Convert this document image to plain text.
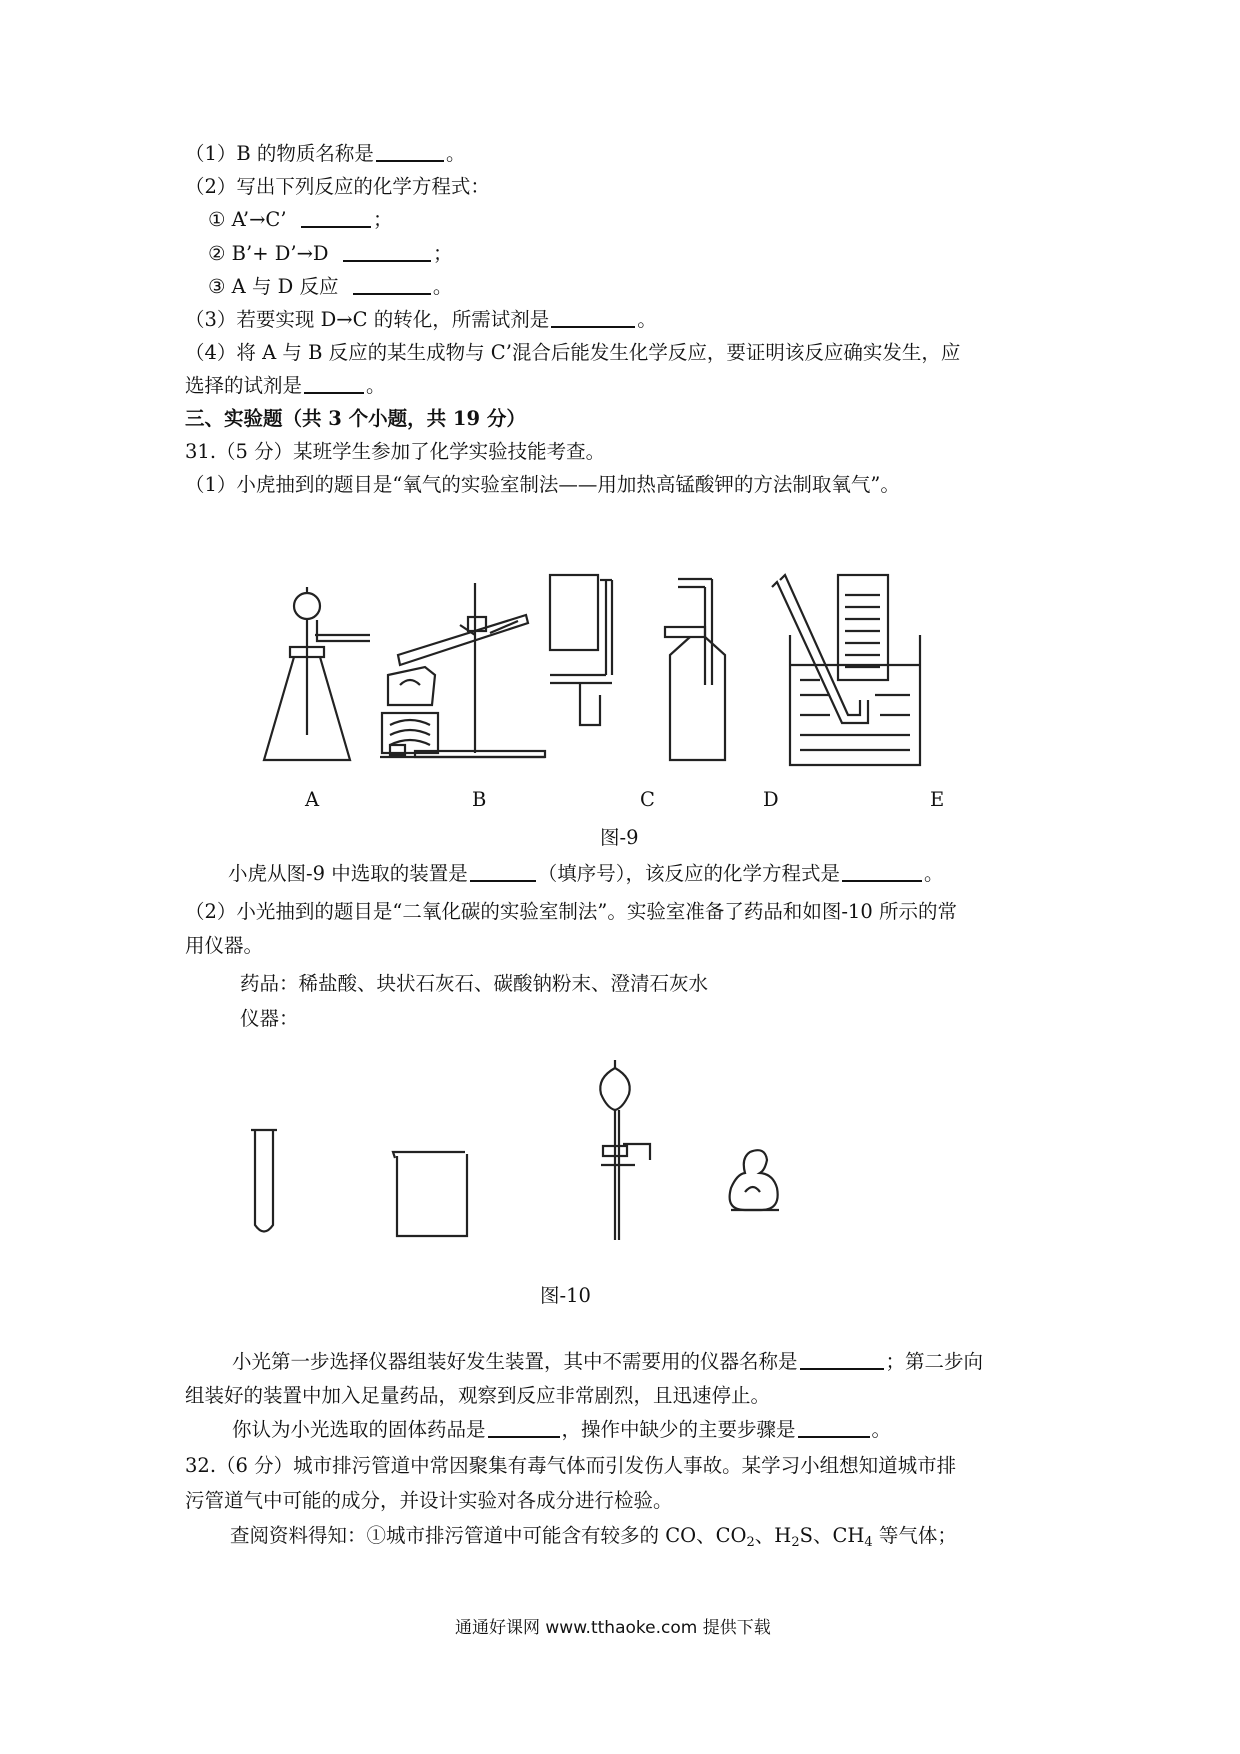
（1）B 的物质名称是	。
（2）写出下列反应的化学方程式：
① A’→C’	；
② B’+ D’→D	；
③ A 与 D 反应	。
（3）若要实现 D→C 的转化，所需试剂是	。
（4）将 A 与 B 反应的某生成物与 C’混合后能发生化学反应，要证明该反应确实发生，应
选择的试剂是	。
三、实验题（共 3 个小题，共 19 分）
31.（5 分）某班学生参加了化学实验技能考查。
（1）小虎抽到的题目是“氧气的实验室制法——用加热高锰酸钾的方法制取氧气”。
A	B	C	D	E
图-9
小虎从图-9 中选取的装置是	（填序号），该反应的化学方程式是	。
（2）小光抽到的题目是“二氧化碳的实验室制法”。实验室准备了药品和如图-10 所示的常
用仪器。
药品：稀盐酸、块状石灰石、碳酸钠粉末、澄清石灰水
仪器：
图-10
小光第一步选择仪器组装好发生装置，其中不需要用的仪器名称是	；第二步向
组装好的装置中加入足量药品，观察到反应非常剧烈，且迅速停止。
你认为小光选取的固体药品是	，操作中缺少的主要步骤是	。
32.（6 分）城市排污管道中常因聚集有毒气体而引发伤人事故。某学习小组想知道城市排
污管道气中可能的成分，并设计实验对各成分进行检验。
查阅资料得知：①城市排污管道中可能含有较多的 CO、$CO_2$、$H_2S$、$CH_4$ 等气体；
通通好课网 www.tthaoke.com 提供下载
